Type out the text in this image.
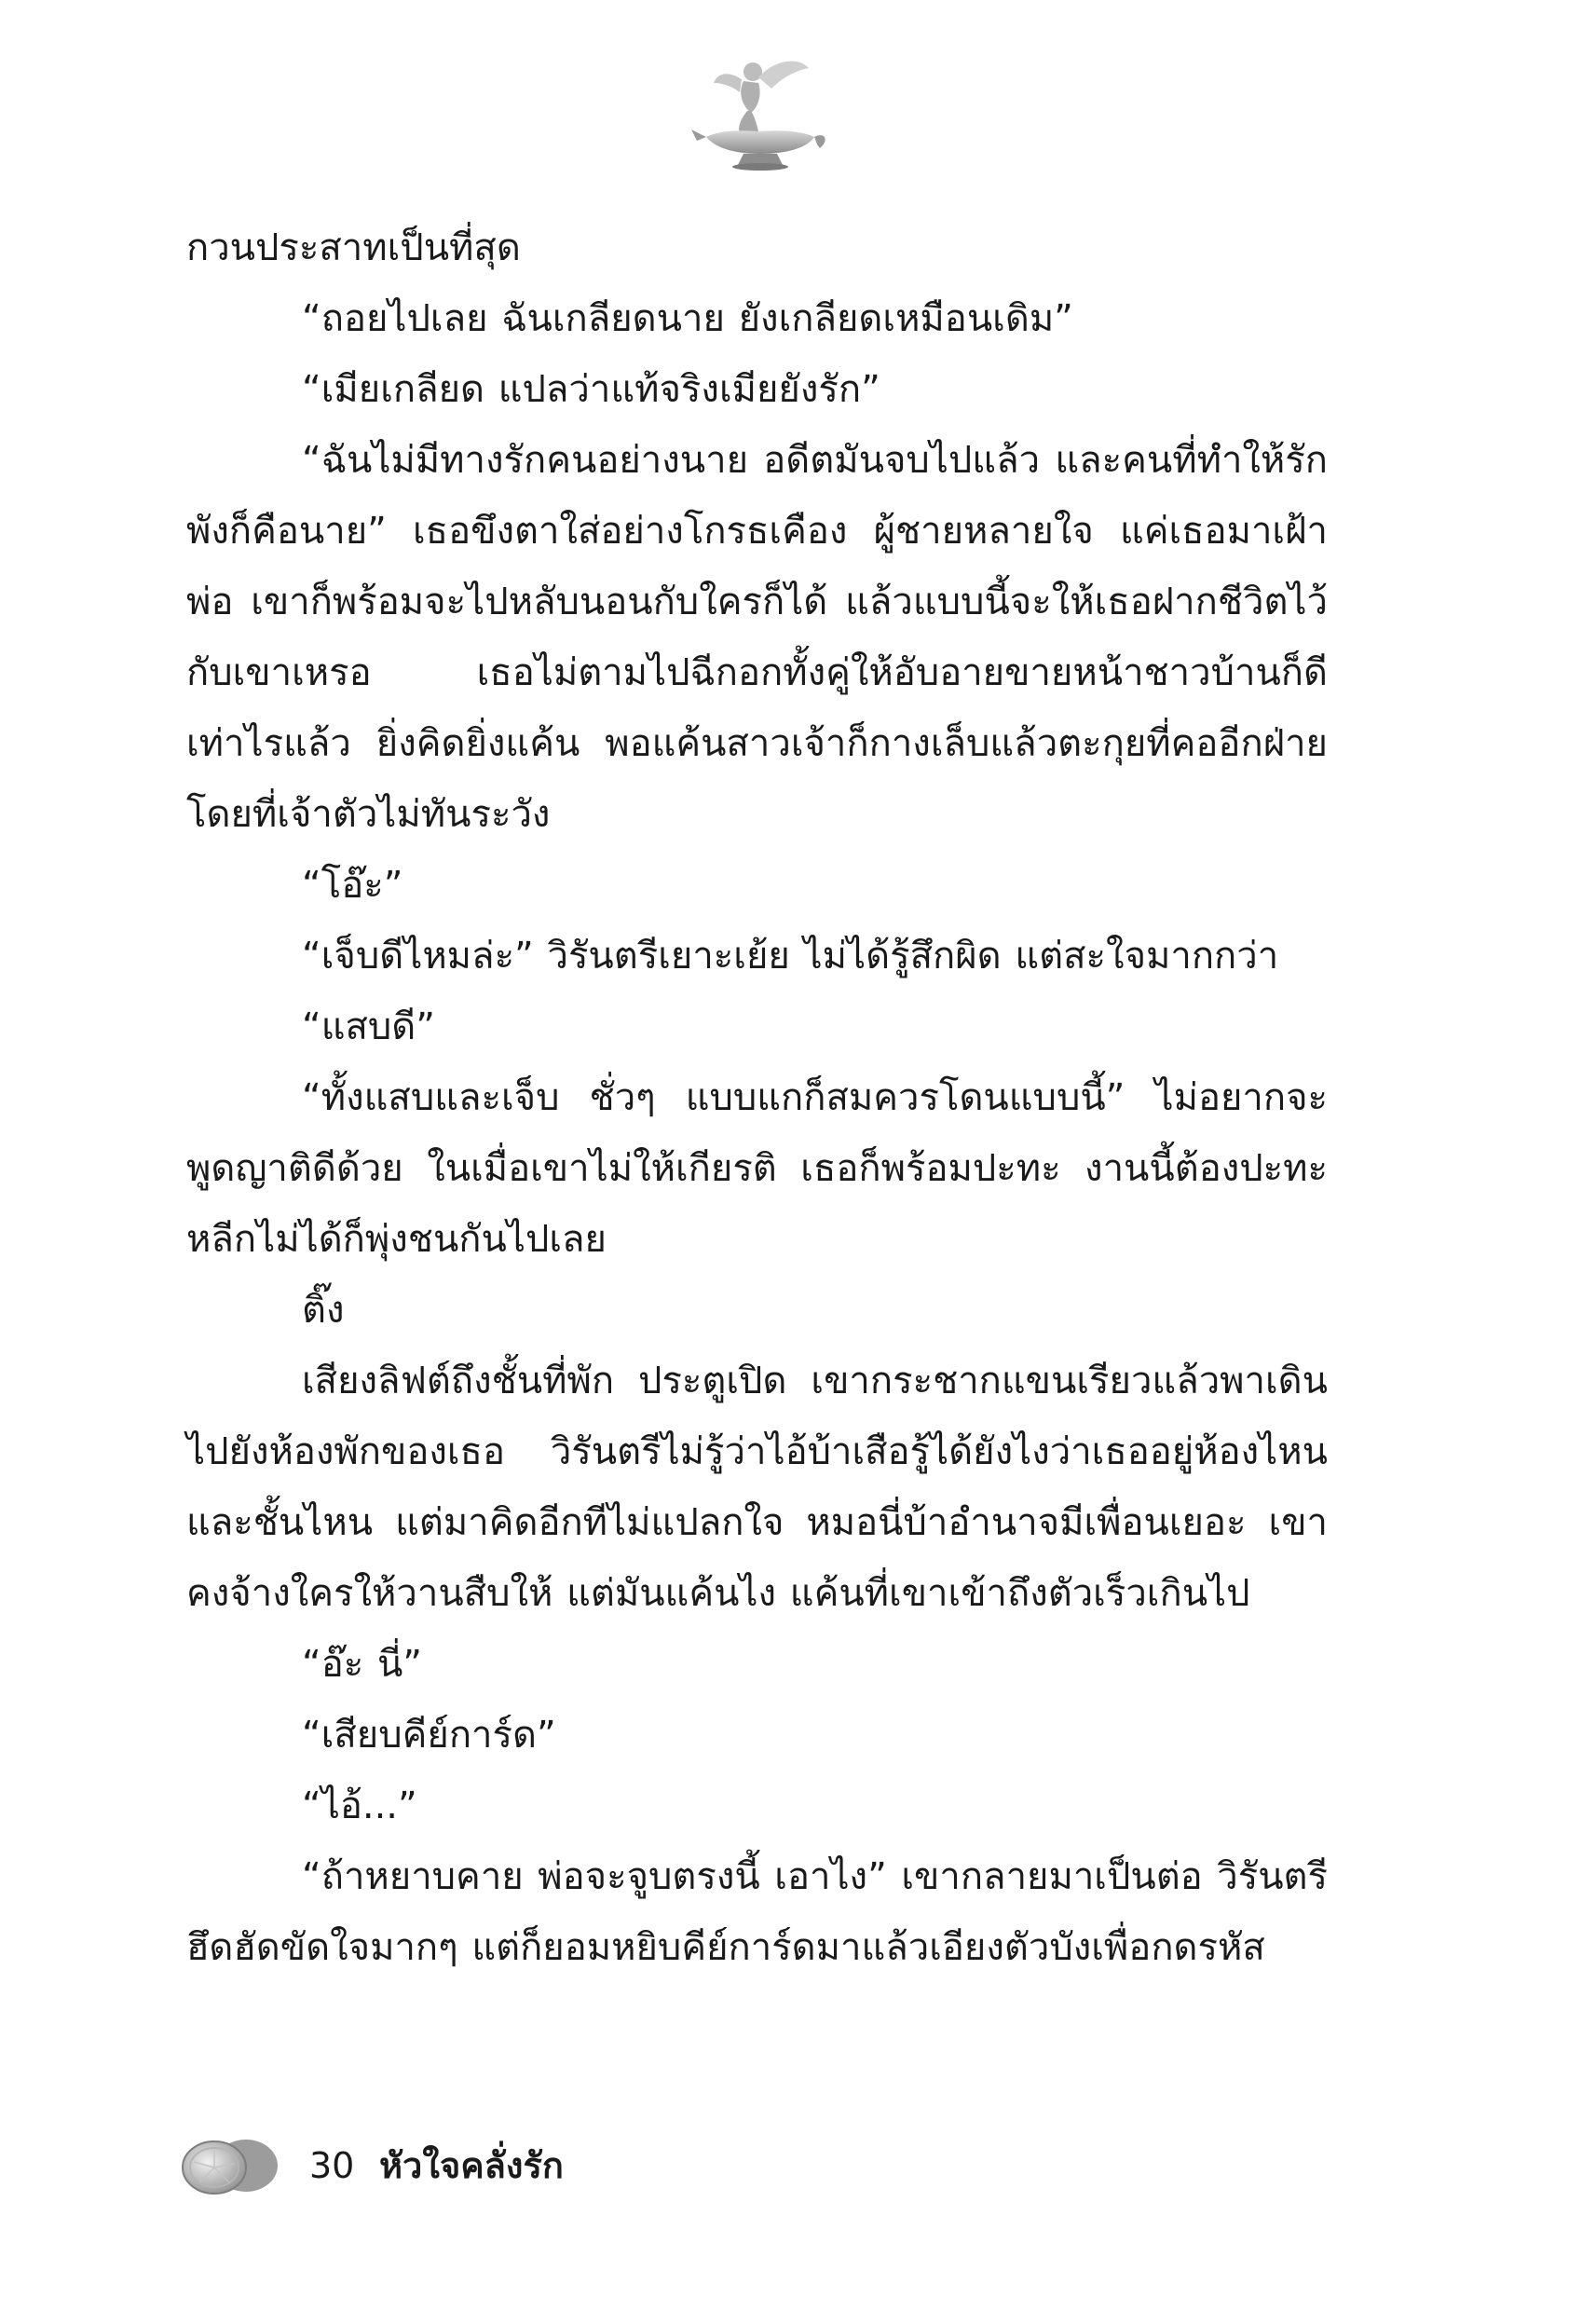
กวนประสาทเป็นที่สุด

“ถอยไปเลย ฉันเกลียดนาย ยังเกลียดเหมือนเดิม”

“เมียเกลียด แปลว่าแท้จริงเมียยังรัก”

“ฉันไม่มีทางรักคนอย่างนาย อดีตมันจบไปแล้ว และคนที่ทำให้รักพังก็คือนาย” เธอขึงตาใส่อย่างโกรธเคือง ผู้ชายหลายใจ แค่เธอมาเฝ้าพ่อ เขาก็พร้อมจะไปหลับนอนกับใครก็ได้ แล้วแบบนี้จะให้เธอฝากชีวิตไว้กับเขาเหรอ เธอไม่ตามไปฉีกอกทั้งคู่ให้อับอายขายหน้าชาวบ้านก็ดีเท่าไรแล้ว ยิ่งคิดยิ่งแค้น พอแค้นสาวเจ้าก็กางเล็บแล้วตะกุยที่คออีกฝ่ายโดยที่เจ้าตัวไม่ทันระวัง

“โอ๊ะ”

“เจ็บดีไหมล่ะ” วิรันตรีเยาะเย้ย ไม่ได้รู้สึกผิด แต่สะใจมากกว่า

“แสบดี”

“ทั้งแสบและเจ็บ ชั่วๆ แบบแกก็สมควรโดนแบบนี้” ไม่อยากจะพูดญาติดีด้วย ในเมื่อเขาไม่ให้เกียรติ เธอก็พร้อมปะทะ งานนี้ต้องปะทะ หลีกไม่ได้ก็พุ่งชนกันไปเลย

ติ๊ง

เสียงลิฟต์ถึงชั้นที่พัก ประตูเปิด เขากระชากแขนเรียวแล้วพาเดินไปยังห้องพักของเธอ วิรันตรีไม่รู้ว่าไอ้บ้าเสือรู้ได้ยังไงว่าเธออยู่ห้องไหนและชั้นไหน แต่มาคิดอีกทีไม่แปลกใจ หมอนี่บ้าอำนาจมีเพื่อนเยอะ เขาคงจ้างใครให้วานสืบให้ แต่มันแค้นไง แค้นที่เขาเข้าถึงตัวเร็วเกินไป

“อ๊ะ นี่”

“เสียบคีย์การ์ด”

“ไอ้...”

“ถ้าหยาบคาย พ่อจะจูบตรงนี้ เอาไง” เขากลายมาเป็นต่อ วิรันตรีฮึดฮัดขัดใจมากๆ แต่ก็ยอมหยิบคีย์การ์ดมาแล้วเอียงตัวบังเพื่อกดรหัส

30 หัวใจคลั่งรัก
